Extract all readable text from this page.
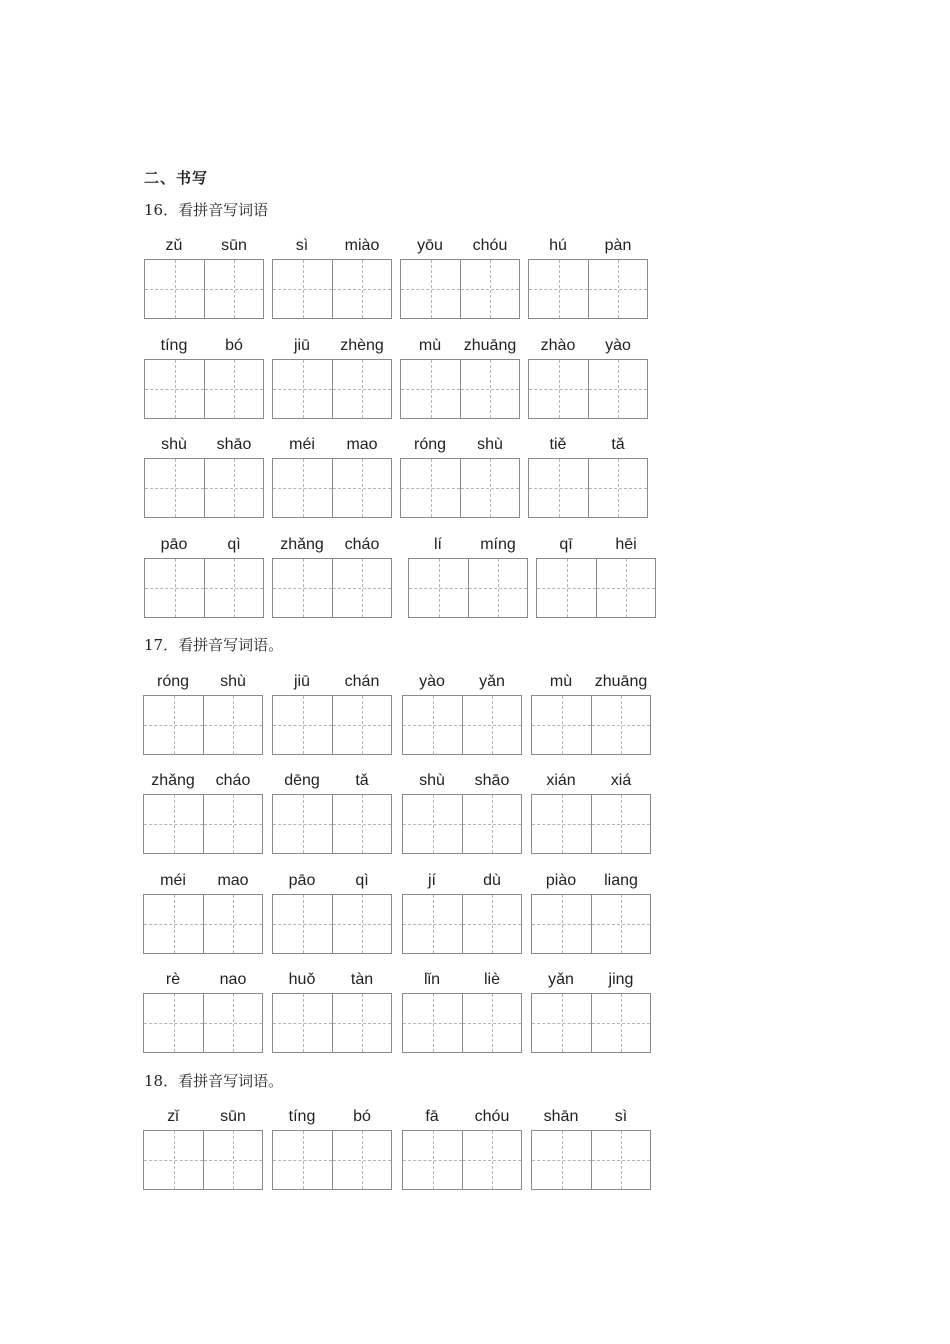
二、书写
16．看拼音写词语
17．看拼音写词语。
18．看拼音写词语。
zǔ	sūn	sì	miào	yōu	chóu	hú	pàn
tíng	bó	jiū	zhèng	mù	zhuāng	zhào	yào
shù	shāo	méi	mao	róng	shù	tiě	tǎ
pāo	qì	zhǎng	cháo	lí	míng	qī	hēi
róng	shù	jiū	chán	yào	yǎn	mù	zhuāng
zhǎng	cháo	dēng	tǎ	shù	shāo	xián	xiá
méi	mao	pāo	qì	jí	dù	piào	liang
rè	nao	huǒ	tàn	lǐn	liè	yǎn	jing
zǐ	sūn	tíng	bó	fā	chóu	shān	sì
